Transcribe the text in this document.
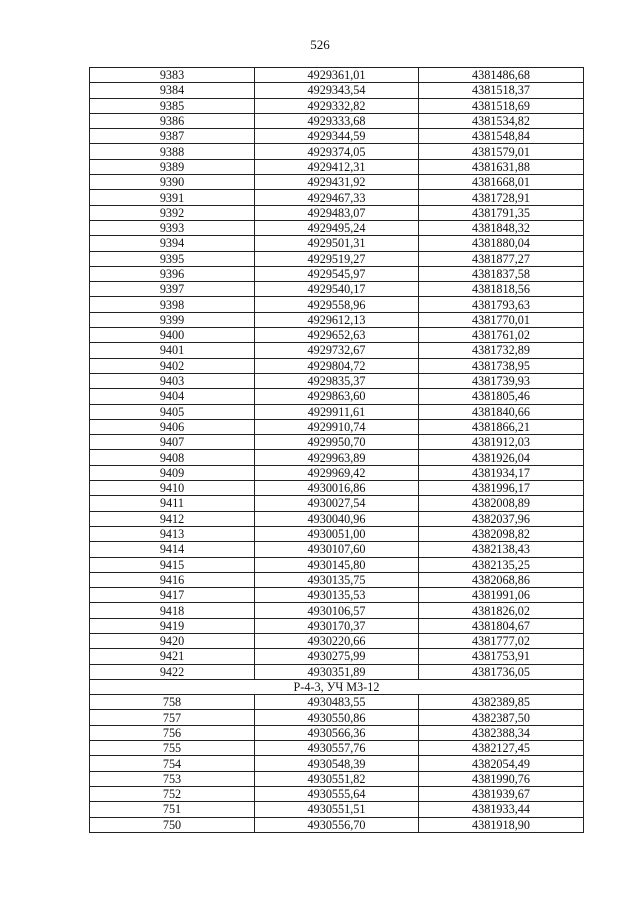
526
9383	4929361,01	4381486,68
9384	4929343,54	4381518,37
9385	4929332,82	4381518,69
9386	4929333,68	4381534,82
9387	4929344,59	4381548,84
9388	4929374,05	4381579,01
9389	4929412,31	4381631,88
9390	4929431,92	4381668,01
9391	4929467,33	4381728,91
9392	4929483,07	4381791,35
9393	4929495,24	4381848,32
9394	4929501,31	4381880,04
9395	4929519,27	4381877,27
9396	4929545,97	4381837,58
9397	4929540,17	4381818,56
9398	4929558,96	4381793,63
9399	4929612,13	4381770,01
9400	4929652,63	4381761,02
9401	4929732,67	4381732,89
9402	4929804,72	4381738,95
9403	4929835,37	4381739,93
9404	4929863,60	4381805,46
9405	4929911,61	4381840,66
9406	4929910,74	4381866,21
9407	4929950,70	4381912,03
9408	4929963,89	4381926,04
9409	4929969,42	4381934,17
9410	4930016,86	4381996,17
9411	4930027,54	4382008,89
9412	4930040,96	4382037,96
9413	4930051,00	4382098,82
9414	4930107,60	4382138,43
9415	4930145,80	4382135,25
9416	4930135,75	4382068,86
9417	4930135,53	4381991,06
9418	4930106,57	4381826,02
9419	4930170,37	4381804,67
9420	4930220,66	4381777,02
9421	4930275,99	4381753,91
9422	4930351,89	4381736,05
Р-4-3, УЧ МЗ-12		
758	4930483,55	4382389,85
757	4930550,86	4382387,50
756	4930566,36	4382388,34
755	4930557,76	4382127,45
754	4930548,39	4382054,49
753	4930551,82	4381990,76
752	4930555,64	4381939,67
751	4930551,51	4381933,44
750	4930556,70	4381918,90
